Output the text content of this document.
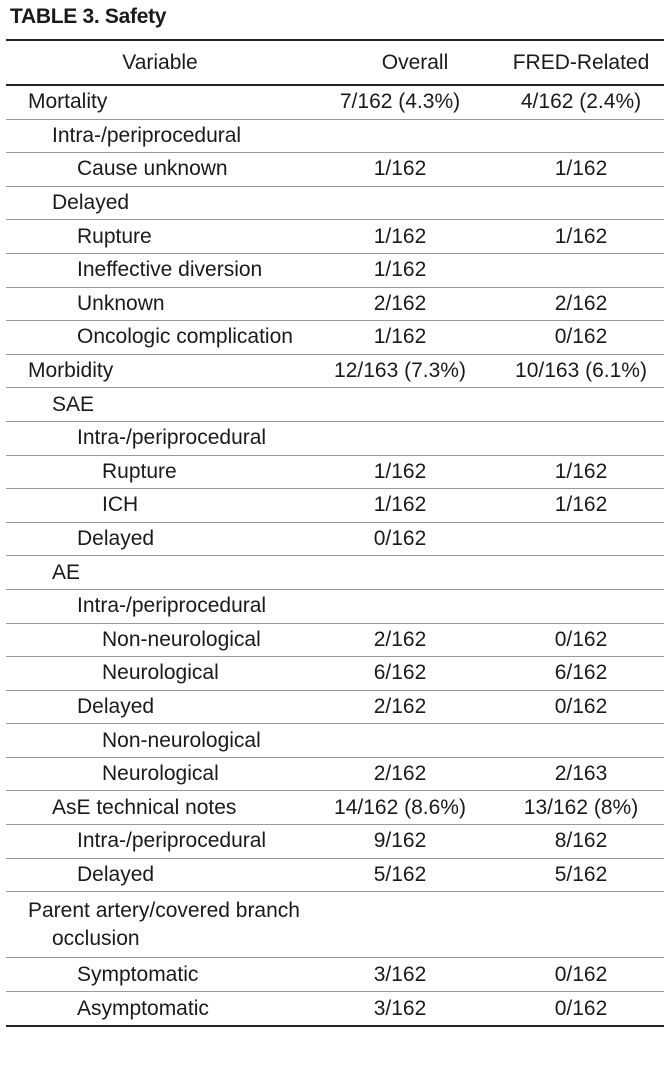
TABLE 3. Safety
Variable	Overall	FRED-Related
Mortality	7/162 (4.3%)	4/162 (2.4%)
Intra-/periprocedural
Cause unknown	1/162	1/162
Delayed
Rupture	1/162	1/162
Ineffective diversion	1/162
Unknown	2/162	2/162
Oncologic complication	1/162	0/162
Morbidity	12/163 (7.3%)	10/163 (6.1%)
SAE
Intra-/periprocedural
Rupture	1/162	1/162
ICH	1/162	1/162
Delayed	0/162
AE
Intra-/periprocedural
Non-neurological	2/162	0/162
Neurological	6/162	6/162
Delayed	2/162	0/162
Non-neurological
Neurological	2/162	2/163
AsE technical notes	14/162 (8.6%)	13/162 (8%)
Intra-/periprocedural	9/162	8/162
Delayed	5/162	5/162
Parent artery/covered branch
occlusion
Symptomatic	3/162	0/162
Asymptomatic	3/162	0/162
